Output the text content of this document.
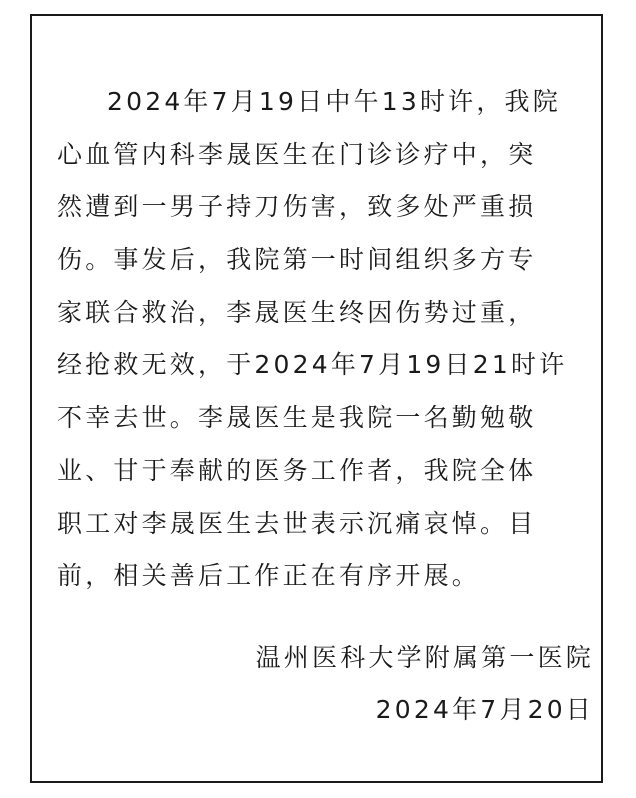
2024年7月19日中午13时许，我院
心血管内科李晟医生在门诊诊疗中，突
然遭到一男子持刀伤害，致多处严重损
伤。事发后，我院第一时间组织多方专
家联合救治，李晟医生终因伤势过重，
经抢救无效，于2024年7月19日21时许
不幸去世。李晟医生是我院一名勤勉敬
业、甘于奉献的医务工作者，我院全体
职工对李晟医生去世表示沉痛哀悼。目
前，相关善后工作正在有序开展。
温州医科大学附属第一医院
2024年7月20日
